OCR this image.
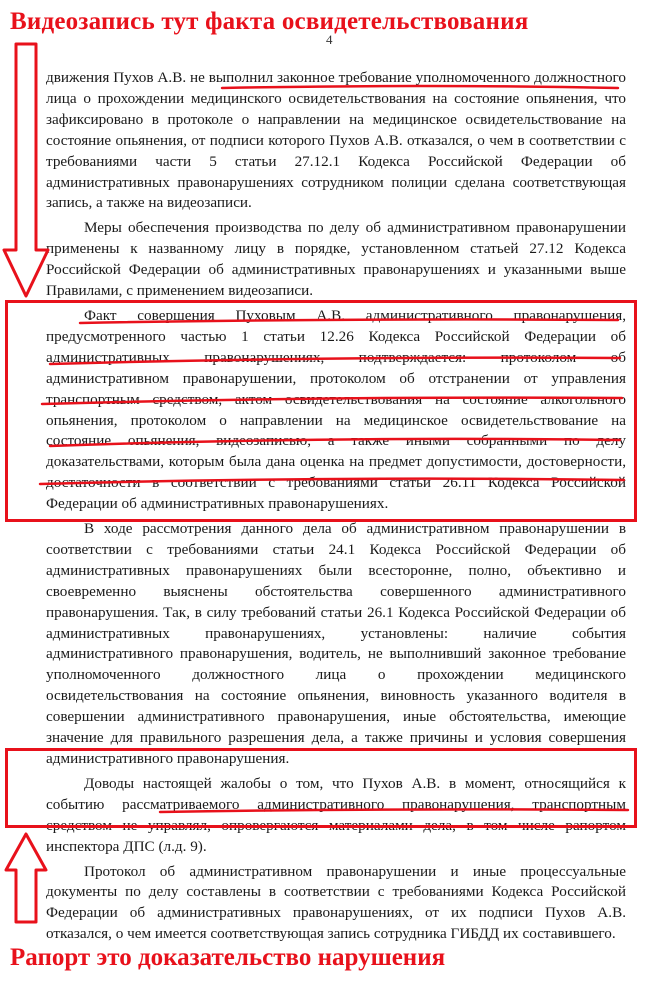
Видеозапись тут факта освидетельствования
4

движения Пухов А.В. не выполнил законное требование уполномоченного должностного лица о прохождении медицинского освидетельствования на состояние опьянения, что зафиксировано в протоколе о направлении на медицинское освидетельствование на состояние опьянения, от подписи которого Пухов А.В. отказался, о чем в соответствии с требованиями части 5 статьи 27.12.1 Кодекса Российской Федерации об административных правонарушениях сотрудником полиции сделана соответствующая запись, а также на видеозаписи.

Меры обеспечения производства по делу об административном правонарушении применены к названному лицу в порядке, установленном статьей 27.12 Кодекса Российской Федерации об административных правонарушениях и указанными выше Правилами, с применением видеозаписи.

Факт совершения Пуховым А.В. административного правонарушения, предусмотренного частью 1 статьи 12.26 Кодекса Российской Федерации об административных правонарушениях, подтверждается: протоколом об административном правонарушении, протоколом об отстранении от управления транспортным средством, актом освидетельствования на состояние алкогольного опьянения, протоколом о направлении на медицинское освидетельствование на состояние опьянения, видеозаписью, а также иными собранными по делу доказательствами, которым была дана оценка на предмет допустимости, достоверности, достаточности в соответствии с требованиями статьи 26.11 Кодекса Российской Федерации об административных правонарушениях.

В ходе рассмотрения данного дела об административном правонарушении в соответствии с требованиями статьи 24.1 Кодекса Российской Федерации об административных правонарушениях были всесторонне, полно, объективно и своевременно выяснены обстоятельства совершенного административного правонарушения. Так, в силу требований статьи 26.1 Кодекса Российской Федерации об административных правонарушениях, установлены: наличие события административного правонарушения, водитель, не выполнивший законное требование уполномоченного должностного лица о прохождении медицинского освидетельствования на состояние опьянения, виновность указанного водителя в совершении административного правонарушения, иные обстоятельства, имеющие значение для правильного разрешения дела, а также причины и условия совершения административного правонарушения.

Доводы настоящей жалобы о том, что Пухов А.В. в момент, относящийся к событию рассматриваемого административного правонарушения, транспортным средством не управлял, опровергаются материалами дела, в том числе рапортом инспектора ДПС (л.д. 9).

Протокол об административном правонарушении и иные процессуальные документы по делу составлены в соответствии с требованиями Кодекса Российской Федерации об административных правонарушениях, от их подписи Пухов А.В. отказался, о чем имеется соответствующая запись сотрудника ГИБДД их составившего.

Рапорт это доказательство нарушения
